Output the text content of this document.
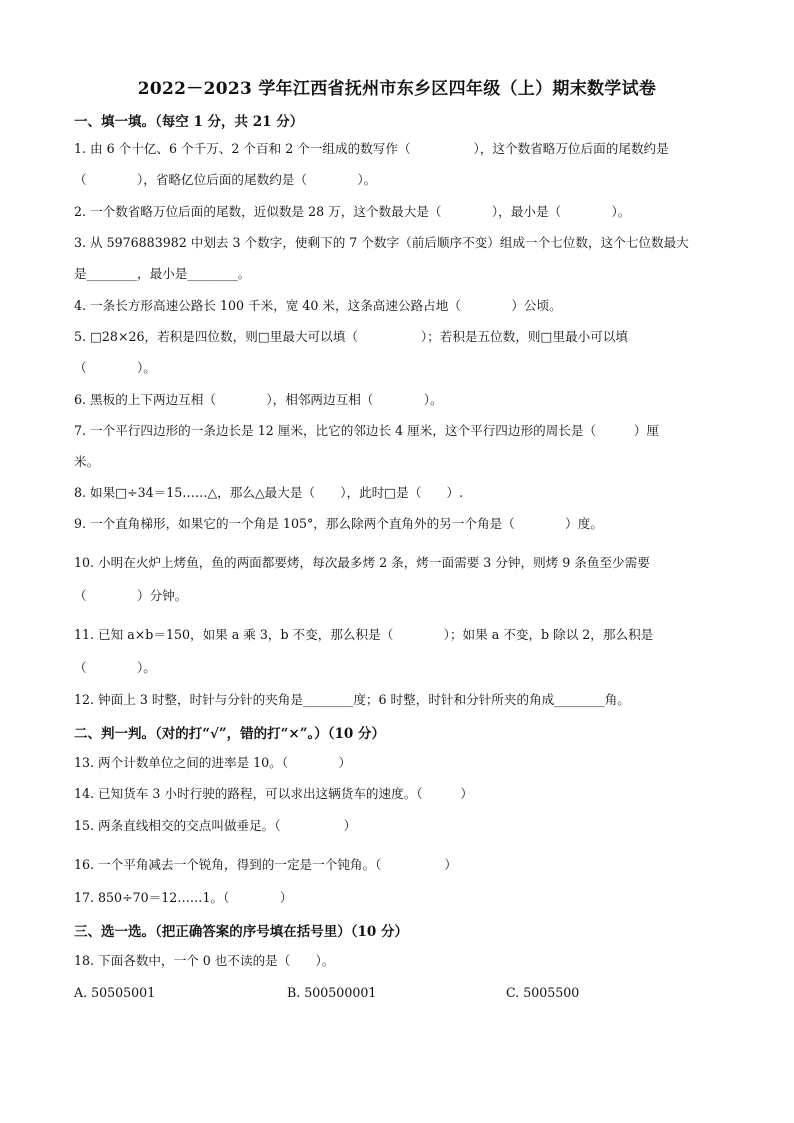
2022－2023 学年江西省抚州市东乡区四年级（上）期末数学试卷
一、填一填。（每空 1 分，共 21 分）
1. 由 6 个十亿、6 个千万、2 个百和 2 个一组成的数写作（　　　　　），这个数省略万位后面的尾数约是
（　　　　），省略亿位后面的尾数约是（　　　　）。
2. 一个数省略万位后面的尾数，近似数是 28 万，这个数最大是（　　　　），最小是（　　　　）。
3. 从 5976883982 中划去 3 个数字，使剩下的 7 个数字（前后顺序不变）组成一个七位数，这个七位数最大
是________，最小是________。
4. 一条长方形高速公路长 100 千米，宽 40 米，这条高速公路占地（　　　　）公顷。
5. □28×26，若积是四位数，则□里最大可以填（　　　　　）；若积是五位数，则□里最小可以填
（　　　　）。
6. 黑板的上下两边互相（　　　　），相邻两边互相（　　　　）。
7. 一个平行四边形的一条边长是 12 厘米，比它的邻边长 4 厘米，这个平行四边形的周长是（　　　）厘
米。
8. 如果□÷34＝15……△，那么△最大是（　　），此时□是（　　）.
9. 一个直角梯形，如果它的一个角是 105°，那么除两个直角外的另一个角是（　　　　）度。
10. 小明在火炉上烤鱼，鱼的两面都要烤，每次最多烤 2 条，烤一面需要 3 分钟，则烤 9 条鱼至少需要
（　　　　）分钟。
11. 已知 a×b＝150，如果 a 乘 3，b 不变，那么积是（　　　　）；如果 a 不变，b 除以 2，那么积是
（　　　　）。
12. 钟面上 3 时整，时针与分针的夹角是________度；6 时整，时针和分针所夹的角成________角。
二、判一判。（对的打“√”，错的打“×”。）（10 分）
13. 两个计数单位之间的进率是 10。（　　　　）
14. 已知货车 3 小时行驶的路程，可以求出这辆货车的速度。（　　　）
15. 两条直线相交的交点叫做垂足。（　　　　　）
16. 一个平角减去一个锐角，得到的一定是一个钝角。（　　　　　）
17. 850÷70＝12……1。（　　　　）
三、选一选。（把正确答案的序号填在括号里）（10 分）
18. 下面各数中，一个 0 也不读的是（　　）。
A. 50505001	B. 500500001	C. 5005500
